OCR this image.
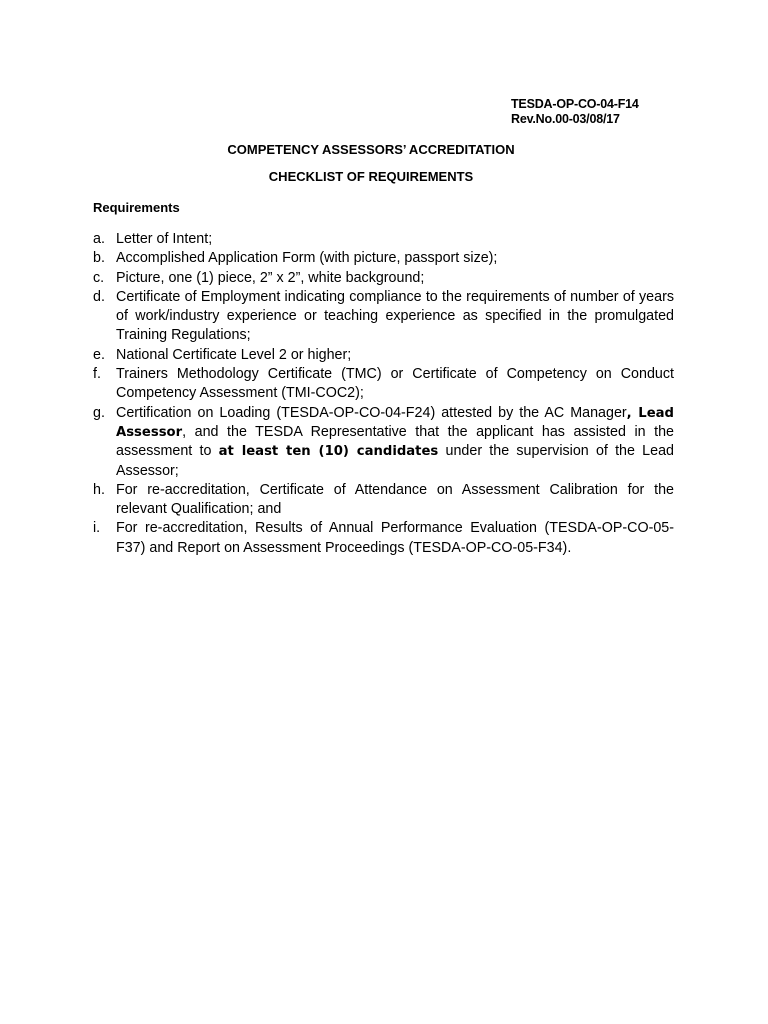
TESDA-OP-CO-04-F14
Rev.No.00-03/08/17
COMPETENCY ASSESSORS’ ACCREDITATION
CHECKLIST OF REQUIREMENTS
Requirements
a. Letter of Intent;
b. Accomplished Application Form (with picture, passport size);
c. Picture, one (1) piece, 2” x 2”, white background;
d. Certificate of Employment indicating compliance to the requirements of number of years of work/industry experience or teaching experience as specified in the promulgated Training Regulations;
e. National Certificate Level 2 or higher;
f. Trainers Methodology Certificate (TMC) or Certificate of Competency on Conduct Competency Assessment (TMI-COC2);
g. Certification on Loading (TESDA-OP-CO-04-F24) attested by the AC Manager, Lead Assessor, and the TESDA Representative that the applicant has assisted in the assessment to at least ten (10) candidates under the supervision of the Lead Assessor;
h. For re-accreditation, Certificate of Attendance on Assessment Calibration for the relevant Qualification; and
i. For re-accreditation, Results of Annual Performance Evaluation (TESDA-OP-CO-05-F37) and Report on Assessment Proceedings (TESDA-OP-CO-05-F34).
